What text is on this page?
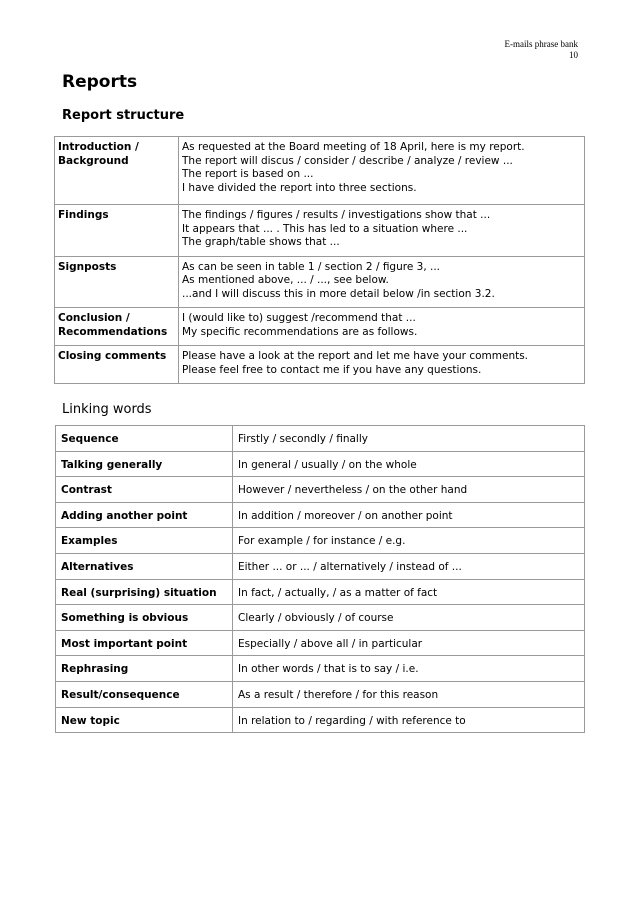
E-mails phrase bank
10
Reports
Report structure
Introduction / Background	As requested at the Board meeting of 18 April, here is my report.
The report will discus / consider / describe / analyze / review ...
The report is based on ...
I have divided the report into three sections.

Findings	The findings / figures / results / investigations show that ...
It appears that ... . This has led to a situation where ...
The graph/table shows that ...

Signposts	As can be seen in table 1 / section 2 / figure 3, ...
As mentioned above, ... / ..., see below.
...and I will discuss this in more detail below /in section 3.2.

Conclusion / Recommendations	I (would like to) suggest /recommend that ...
My specific recommendations are as follows.

Closing comments	Please have a look at the report and let me have your comments.
Please feel free to contact me if you have any questions.
Linking words
Sequence	Firstly / secondly / finally
Talking generally	In general / usually / on the whole
Contrast	However / nevertheless / on the other hand
Adding another point	In addition / moreover / on another point
Examples	For example / for instance / e.g.
Alternatives	Either ... or ... / alternatively / instead of ...
Real (surprising) situation	In fact, / actually, / as a matter of fact
Something is obvious	Clearly / obviously / of course
Most important point	Especially / above all / in particular
Rephrasing	In other words / that is to say / i.e.
Result/consequence	As a result / therefore / for this reason
New topic	In relation to / regarding / with reference to
